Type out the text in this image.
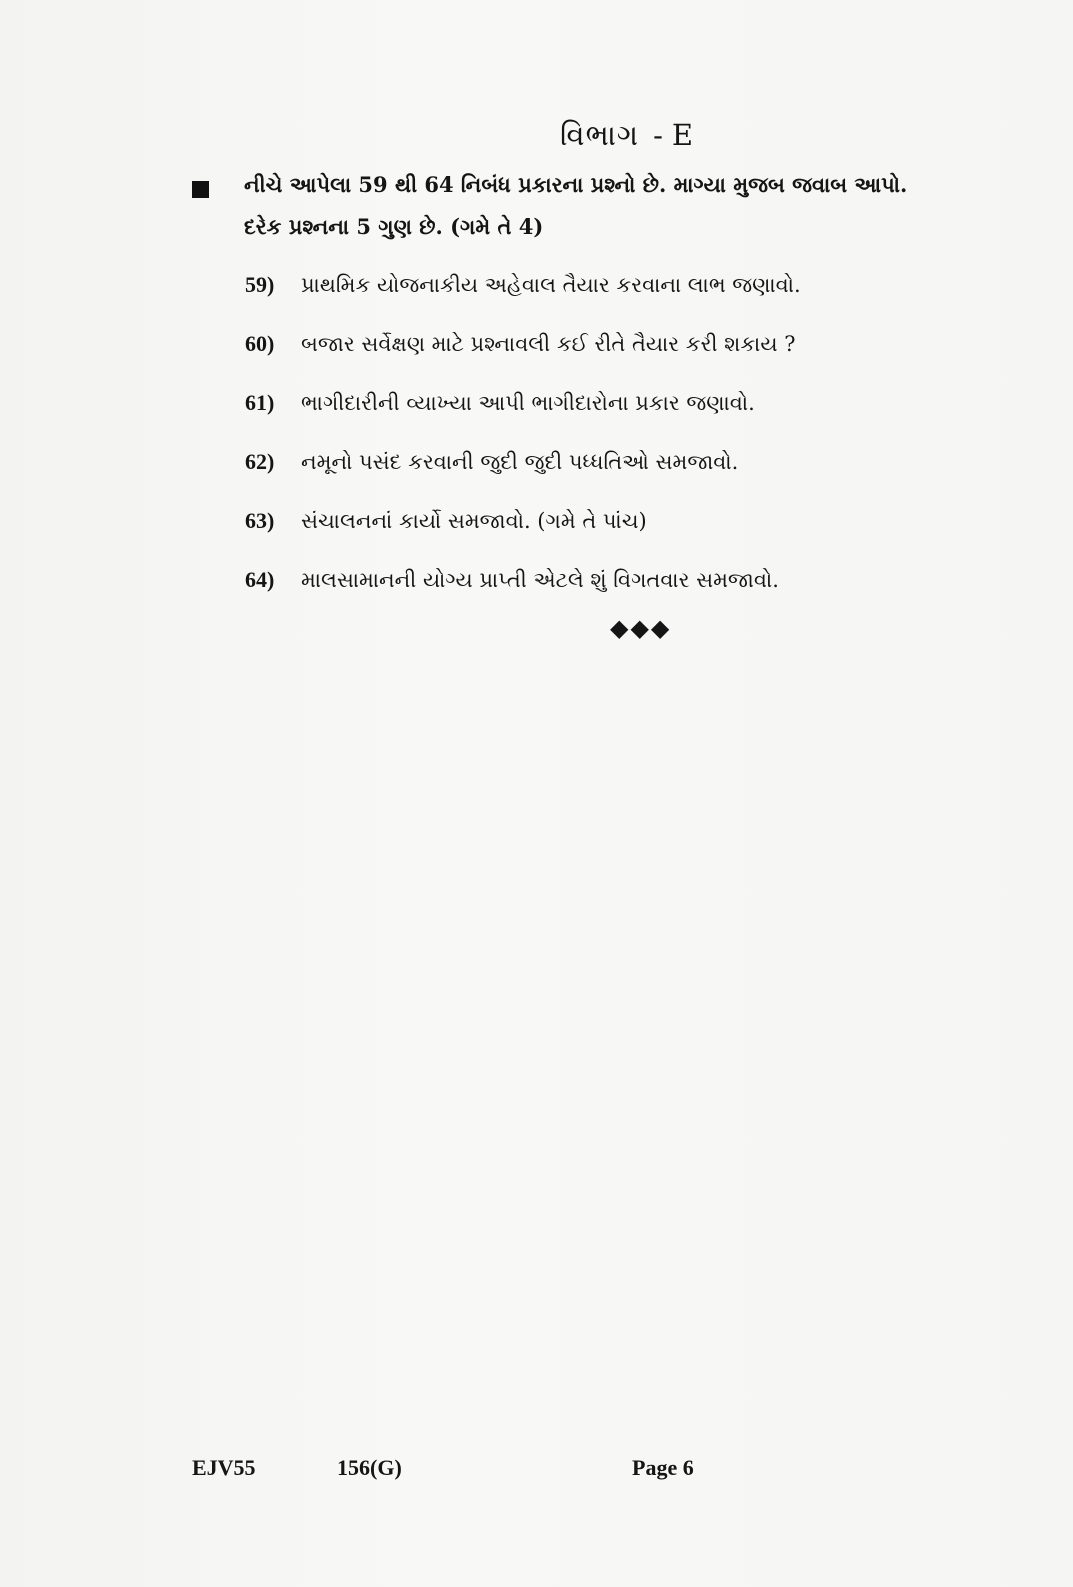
વિભાગ - E
નીચે આપેલા 59 થી 64 નિબંધ પ્રકારના પ્રશ્નો છે. માગ્યા મુજબ જવાબ આપો.
દરેક પ્રશ્નના 5 ગુણ છે. (ગમે તે 4)
59) પ્રાથમિક યોજનાકીય અહેવાલ તૈયાર કરવાના લાભ જણાવો.
60) બજાર સર્વેક્ષણ માટે પ્રશ્નાવલી કઈ રીતે તૈયાર કરી શકાય ?
61) ભાગીદારીની વ્યાખ્યા આપી ભાગીદારોના પ્રકાર જણાવો.
62) નમૂનો પસંદ કરવાની જુદી જુદી પધ્ધતિઓ સમજાવો.
63) સંચાલનનાં કાર્યો સમજાવો. (ગમે તે પાંચ)
64) માલસામાનની યોગ્ય પ્રાપ્તી એટલે શું વિગતવાર સમજાવો.
◆◆◆
EJV55	156(G)	Page 6
